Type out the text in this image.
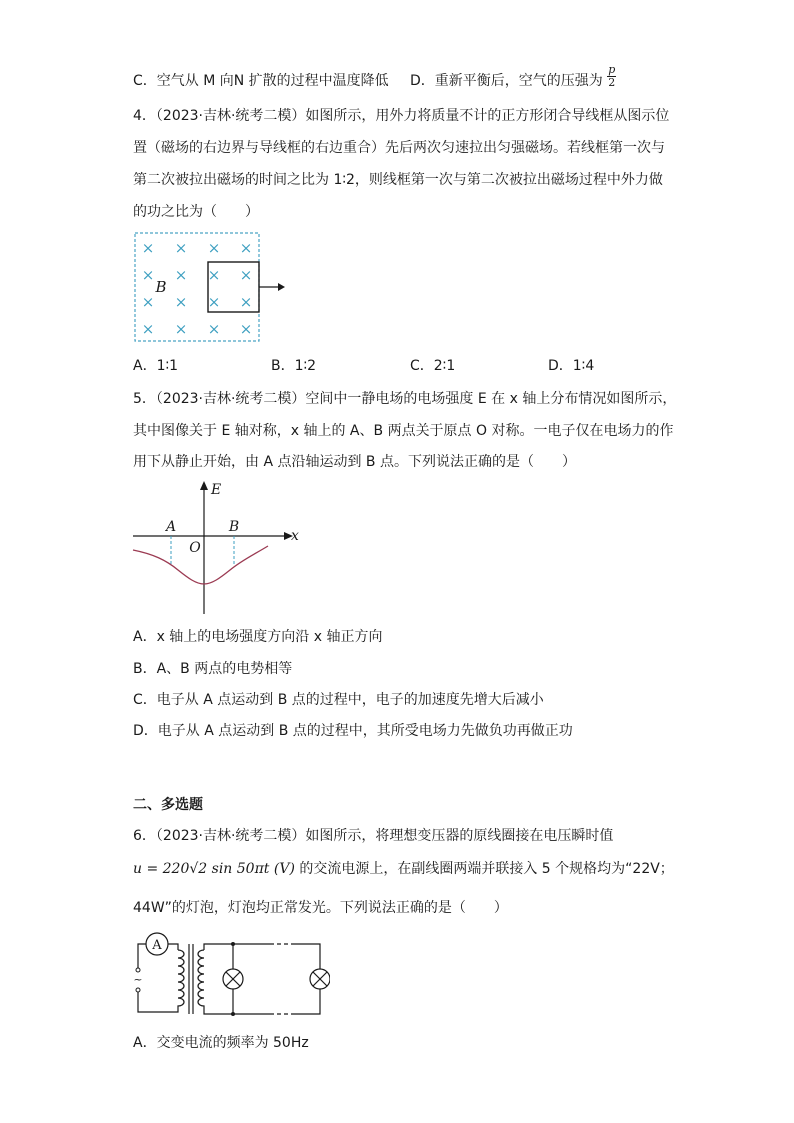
C．空气从 M 向N 扩散的过程中温度降低 D．重新平衡后，空气的压强为 $\frac{p}{2}$
4．（2023·吉林·统考二模）如图所示，用外力将质量不计的正方形闭合导线框从图示位
置（磁场的右边界与导线框的右边重合）先后两次匀速拉出匀强磁场。若线框第一次与
第二次被拉出磁场的时间之比为 1∶2，则线框第一次与第二次被拉出磁场过程中外力做
的功之比为（　　）
× × × ×
× × × ×
× × × ×
× × × ×
B
A．1∶1	B．1∶2	C．2∶1	D．1∶4
5．（2023·吉林·统考二模）空间中一静电场的电场强度 E 在 x 轴上分布情况如图所示，
其中图像关于 E 轴对称，x 轴上的 A、B 两点关于原点 O 对称。一电子仅在电场力的作
用下从静止开始，由 A 点沿轴运动到 B 点。下列说法正确的是（　　）
E
x
A	B
O
A．x 轴上的电场强度方向沿 x 轴正方向
B．A、B 两点的电势相等
C．电子从 A 点运动到 B 点的过程中，电子的加速度先增大后减小
D．电子从 A 点运动到 B 点的过程中，其所受电场力先做负功再做正功
二、多选题
6．（2023·吉林·统考二模）如图所示，将理想变压器的原线圈接在电压瞬时值
u = 220√2 sin 50πt (V) 的交流电源上，在副线圈两端并联接入 5 个规格均为“22V；
44W”的灯泡，灯泡均正常发光。下列说法正确的是（　　）
A
~
A．交变电流的频率为 50Hz
